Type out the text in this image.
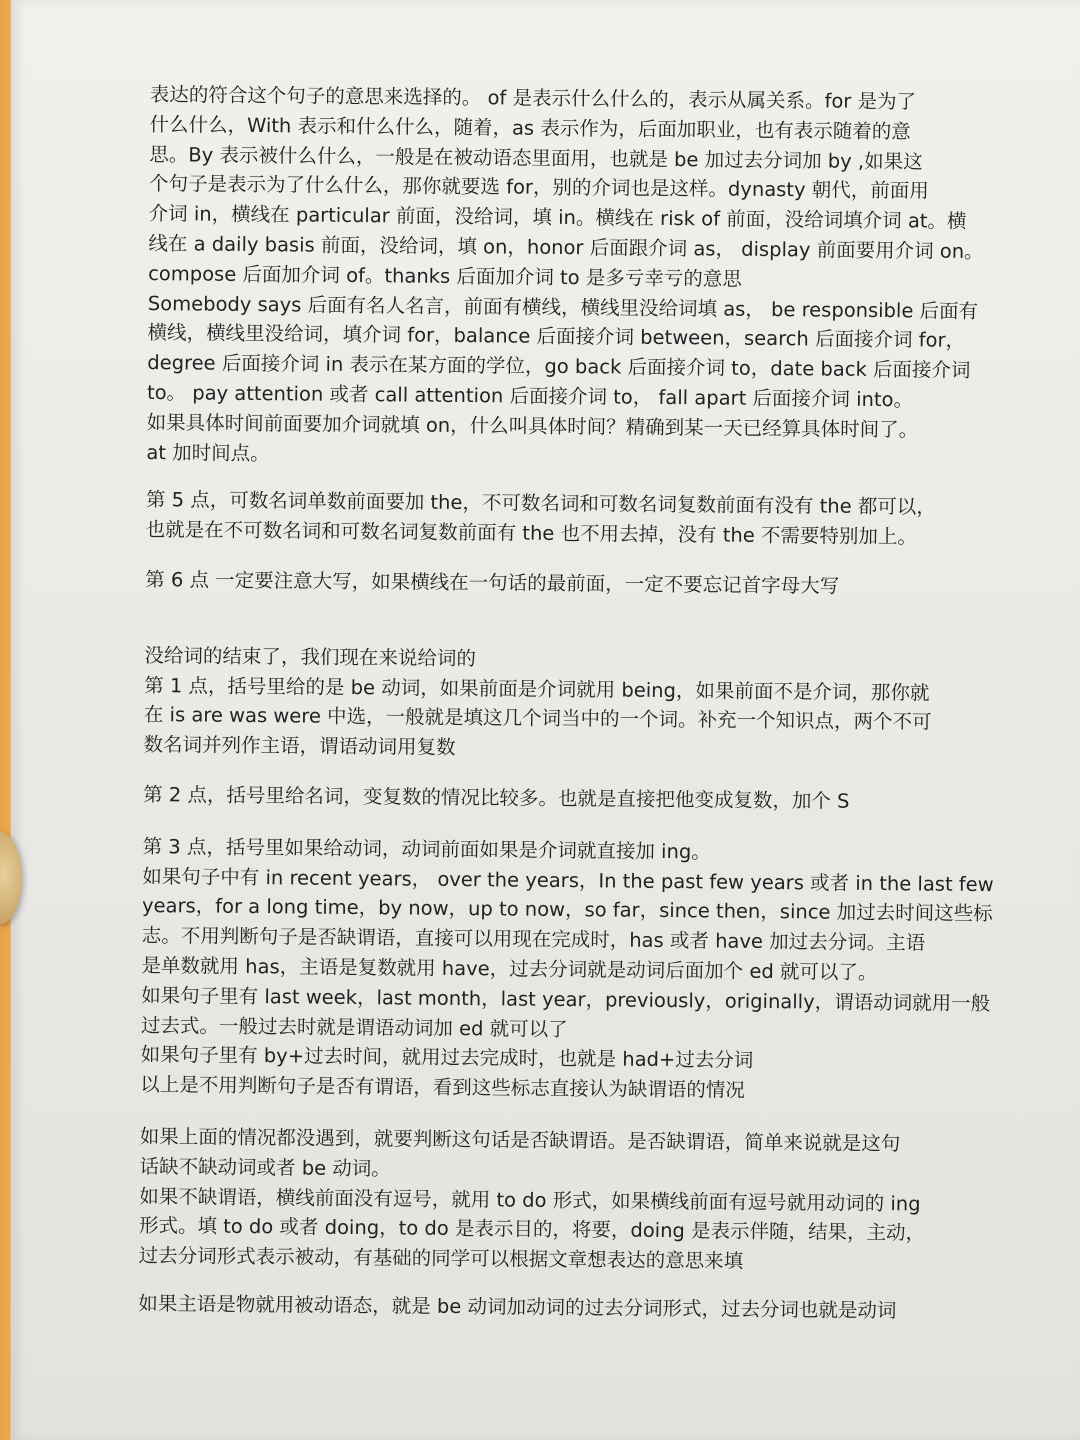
表达的符合这个句子的意思来选择的。 of 是表示什么什么的，表示从属关系。for 是为了
什么什么，With 表示和什么什么，随着，as 表示作为，后面加职业，也有表示随着的意
思。By 表示被什么什么，一般是在被动语态里面用，也就是 be 加过去分词加 by ,如果这
个句子是表示为了什么什么，那你就要选 for，别的介词也是这样。dynasty 朝代，前面用
介词 in，横线在 particular 前面，没给词，填 in。横线在 risk of 前面，没给词填介词 at。横
线在 a daily basis 前面，没给词，填 on，honor 后面跟介词 as， display 前面要用介词 on。
compose 后面加介词 of。thanks 后面加介词 to 是多亏幸亏的意思
Somebody says 后面有名人名言，前面有横线，横线里没给词填 as， be responsible 后面有
横线，横线里没给词，填介词 for，balance 后面接介词 between，search 后面接介词 for，
degree 后面接介词 in 表示在某方面的学位，go back 后面接介词 to，date back 后面接介词
to。 pay attention 或者 call attention 后面接介词 to， fall apart 后面接介词 into。
如果具体时间前面要加介词就填 on，什么叫具体时间？精确到某一天已经算具体时间了。
at 加时间点。
第 5 点，可数名词单数前面要加 the，不可数名词和可数名词复数前面有没有 the 都可以，
也就是在不可数名词和可数名词复数前面有 the 也不用去掉，没有 the 不需要特别加上。
第 6 点 一定要注意大写，如果横线在一句话的最前面，一定不要忘记首字母大写
没给词的结束了，我们现在来说给词的
第 1 点，括号里给的是 be 动词，如果前面是介词就用 being，如果前面不是介词，那你就
在 is are was were 中选，一般就是填这几个词当中的一个词。补充一个知识点，两个不可
数名词并列作主语，谓语动词用复数
第 2 点，括号里给名词，变复数的情况比较多。也就是直接把他变成复数，加个 S
第 3 点，括号里如果给动词，动词前面如果是介词就直接加 ing。
如果句子中有 in recent years， over the years，In the past few years 或者 in the last few
years，for a long time，by now，up to now，so far，since then，since 加过去时间这些标
志。不用判断句子是否缺谓语，直接可以用现在完成时，has 或者 have 加过去分词。主语
是单数就用 has，主语是复数就用 have，过去分词就是动词后面加个 ed 就可以了。
如果句子里有 last week，last month，last year，previously，originally，谓语动词就用一般
过去式。一般过去时就是谓语动词加 ed 就可以了
如果句子里有 by+过去时间，就用过去完成时，也就是 had+过去分词
以上是不用判断句子是否有谓语，看到这些标志直接认为缺谓语的情况
如果上面的情况都没遇到，就要判断这句话是否缺谓语。是否缺谓语，简单来说就是这句
话缺不缺动词或者 be 动词。
如果不缺谓语，横线前面没有逗号，就用 to do 形式，如果横线前面有逗号就用动词的 ing
形式。填 to do 或者 doing，to do 是表示目的，将要，doing 是表示伴随，结果，主动，
过去分词形式表示被动，有基础的同学可以根据文章想表达的意思来填
如果主语是物就用被动语态，就是 be 动词加动词的过去分词形式，过去分词也就是动词
